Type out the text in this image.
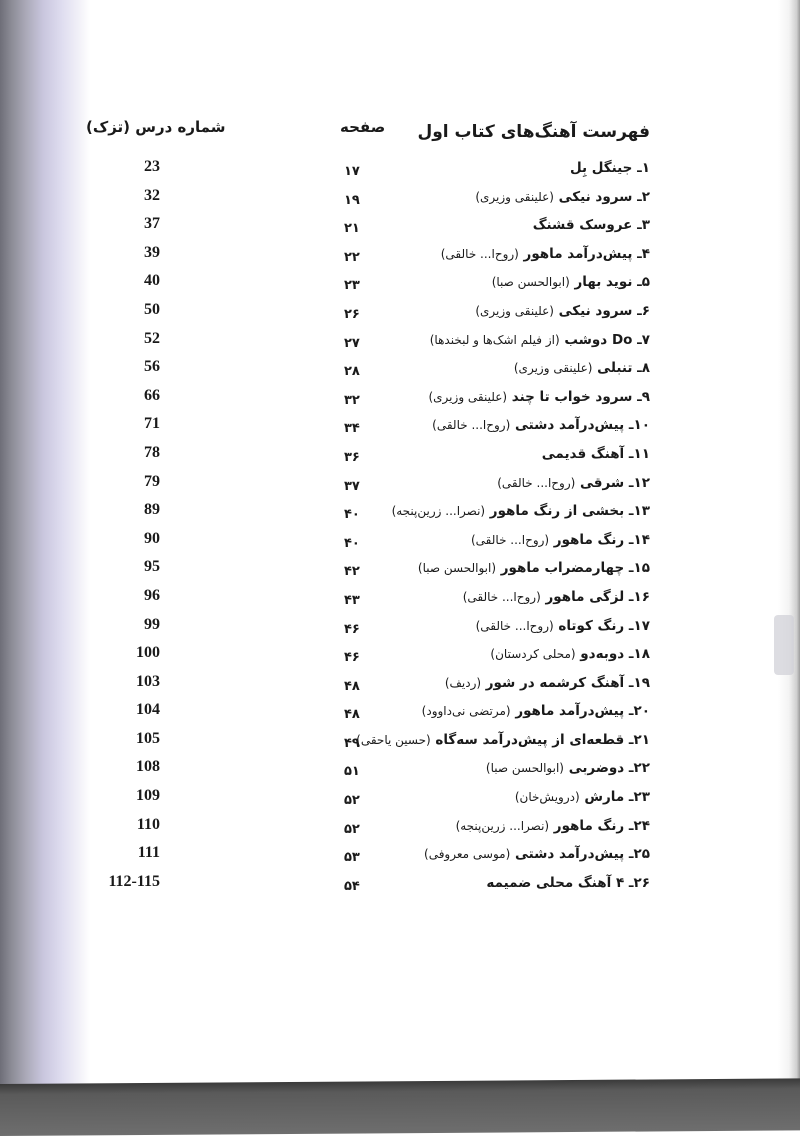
فهرست آهنگ‌های کتاب اول
صفحه
شماره درس (تزک)
۱ـ جینگل بِل
۱۷
23
۲ـ سرود نیکی (علینقی وزیری)
۱۹
32
۳ـ عروسک قشنگ
۲۱
37
۴ـ پیش‌درآمد ماهور (روح‌ا... خالقی)
۲۲
39
۵ـ نوید بهار (ابوالحسن صبا)
۲۳
40
۶ـ سرود نیکی (علینقی وزیری)
۲۶
50
۷ـ Do دوشب (از فیلم اشک‌ها و لبخندها)
۲۷
52
۸ـ تنبلی (علینقی وزیری)
۲۸
56
۹ـ سرود خواب تا چند (علینقی وزیری)
۳۲
66
۱۰ـ پیش‌درآمد دشتی (روح‌ا... خالقی)
۳۴
71
۱۱ـ آهنگ قدیمی
۳۶
78
۱۲ـ شرقی (روح‌ا... خالقی)
۳۷
79
۱۳ـ بخشی از رنگ ماهور (نصرا... زرین‌پنجه)
۴۰
89
۱۴ـ رنگ ماهور (روح‌ا... خالقی)
۴۰
90
۱۵ـ چهارمضراب ماهور (ابوالحسن صبا)
۴۲
95
۱۶ـ لزگی ماهور (روح‌ا... خالقی)
۴۳
96
۱۷ـ رنگ کوتاه (روح‌ا... خالقی)
۴۶
99
۱۸ـ دوبه‌دو (محلی کردستان)
۴۶
100
۱۹ـ آهنگ کرشمه در شور (ردیف)
۴۸
103
۲۰ـ پیش‌درآمد ماهور (مرتضی نی‌داوود)
۴۸
104
۲۱ـ قطعه‌ای از پیش‌درآمد سه‌گاه (حسین یاحقی)
۴۹
105
۲۲ـ دوضربی (ابوالحسن صبا)
۵۱
108
۲۳ـ مارش (درویش‌خان)
۵۲
109
۲۴ـ رنگ ماهور (نصرا... زرین‌پنجه)
۵۲
110
۲۵ـ پیش‌درآمد دشتی (موسی معروفی)
۵۳
111
۲۶ـ ۴ آهنگ محلی ضمیمه
۵۴
112-115
